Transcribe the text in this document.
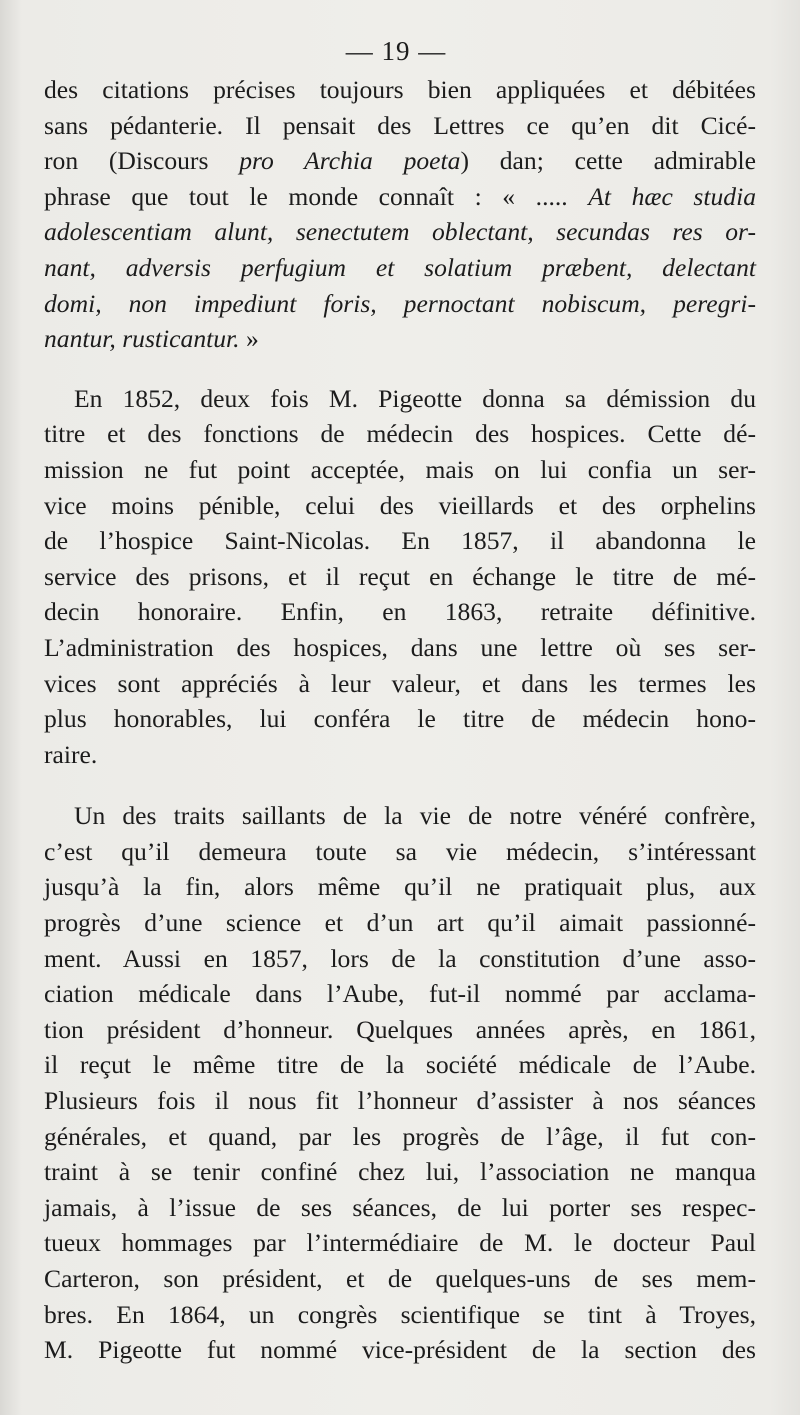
— 19 —

des citations précises toujours bien appliquées et débitées
sans pédanterie. Il pensait des Lettres ce qu’en dit Cicé-
ron (Discours pro Archia poeta) dan; cette admirable
phrase que tout le monde connaît : « ..... At hæc studia
adolescentiam alunt, senectutem oblectant, secundas res or-
nant, adversis perfugium et solatium præbent, delectant
domi, non impediunt foris, pernoctant nobiscum, peregri-
nantur, rusticantur. »

En 1852, deux fois M. Pigeotte donna sa démission du
titre et des fonctions de médecin des hospices. Cette dé-
mission ne fut point acceptée, mais on lui confia un ser-
vice moins pénible, celui des vieillards et des orphelins
de l’hospice Saint-Nicolas. En 1857, il abandonna le
service des prisons, et il reçut en échange le titre de mé-
decin honoraire. Enfin, en 1863, retraite définitive.
L’administration des hospices, dans une lettre où ses ser-
vices sont appréciés à leur valeur, et dans les termes les
plus honorables, lui conféra le titre de médecin hono-
raire.

Un des traits saillants de la vie de notre vénéré confrère,
c’est qu’il demeura toute sa vie médecin, s’intéressant
jusqu’à la fin, alors même qu’il ne pratiquait plus, aux
progrès d’une science et d’un art qu’il aimait passionné-
ment. Aussi en 1857, lors de la constitution d’une asso-
ciation médicale dans l’Aube, fut-il nommé par acclama-
tion président d’honneur. Quelques années après, en 1861,
il reçut le même titre de la société médicale de l’Aube.
Plusieurs fois il nous fit l’honneur d’assister à nos séances
générales, et quand, par les progrès de l’âge, il fut con-
traint à se tenir confiné chez lui, l’association ne manqua
jamais, à l’issue de ses séances, de lui porter ses respec-
tueux hommages par l’intermédiaire de M. le docteur Paul
Carteron, son président, et de quelques-uns de ses mem-
bres. En 1864, un congrès scientifique se tint à Troyes,
M. Pigeotte fut nommé vice-président de la section des
